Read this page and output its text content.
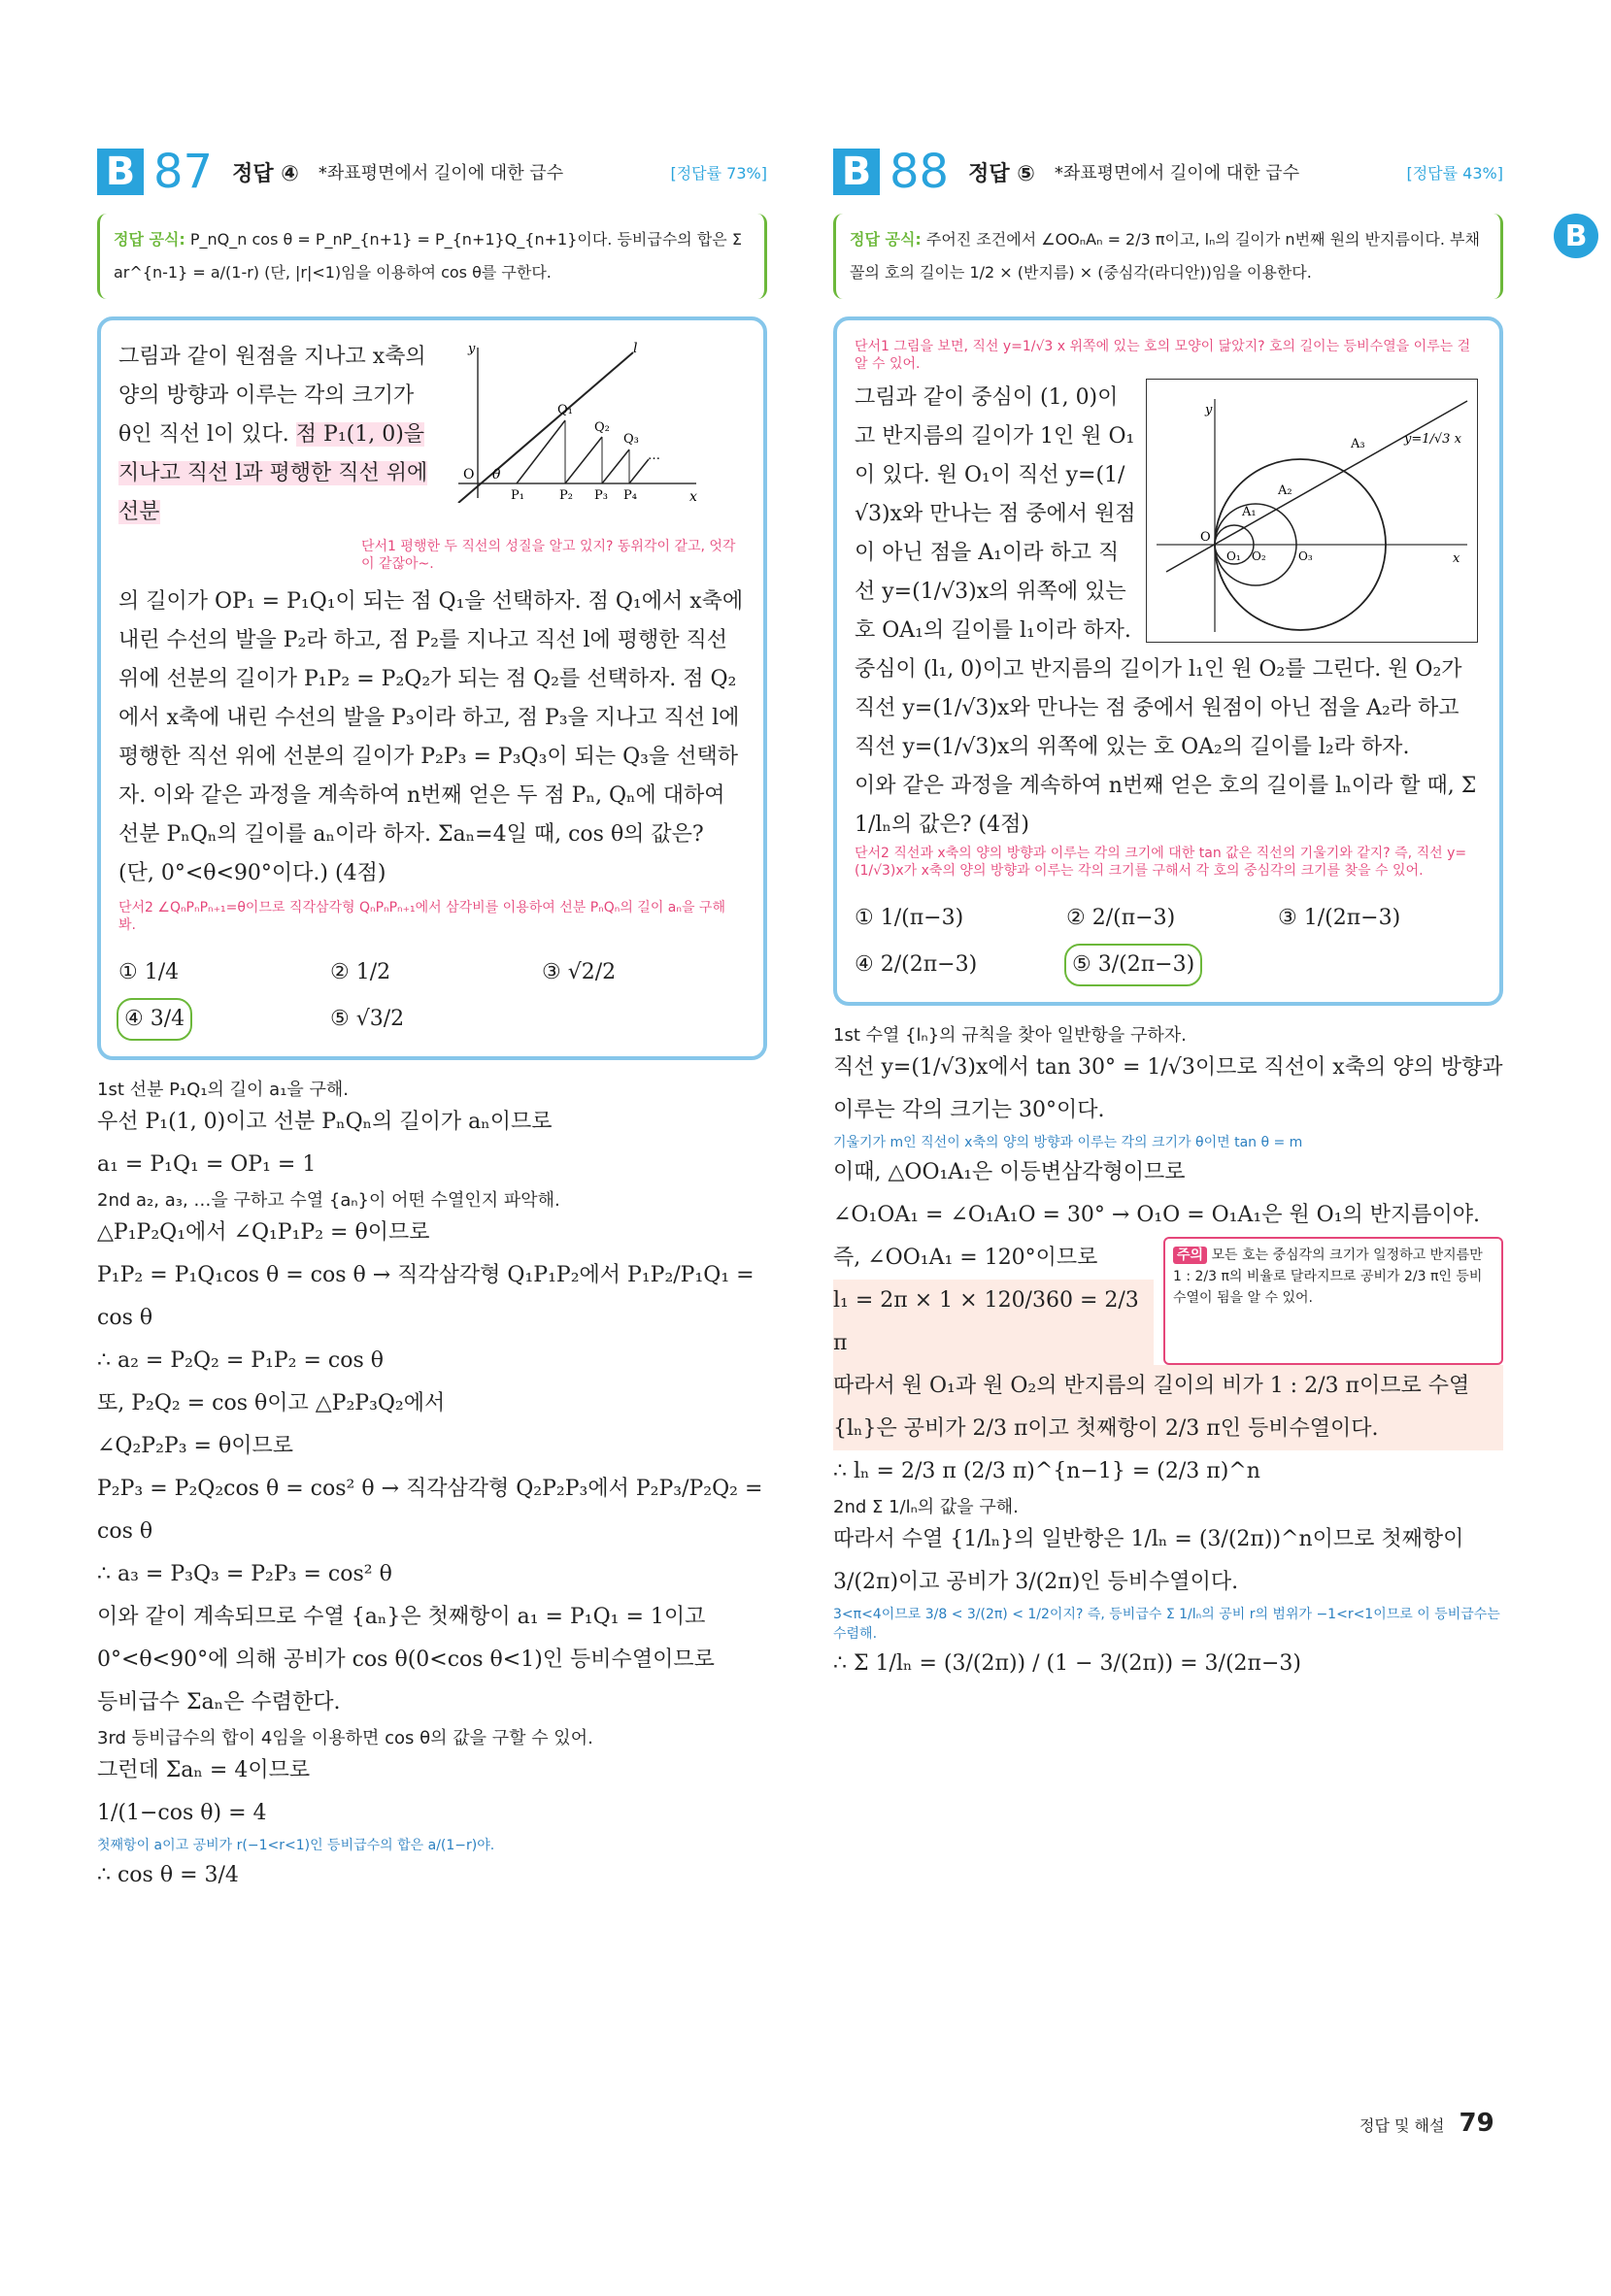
B
B 87 정답 ④ *좌표평면에서 길이에 대한 급수	[정답률 73%]
정답 공식: P_nQ_n cos θ = P_nP_{n+1} = P_{n+1}Q_{n+1}이다. 등비급수의 합은 Σ ar^{n-1} = a/(1-r) (단, |r|<1)임을 이용하여 cos θ를 구한다.
그림과 같이 원점을 지나고 x축의 양의 방향과 이루는 각의 크기가 θ인 직선 l이 있다. 점 P₁(1, 0)을 지나고 직선 l과 평행한 직선 위에 선분
y	l
O θ
x
Q₁
Q₂
Q₃
…
P₁	P₂ P₃ P₄
단서1 평행한 두 직선의 성질을 알고 있지? 동위각이 같고, 엇각이 같잖아~.
의 길이가 OP₁ = P₁Q₁이 되는 점 Q₁을 선택하자. 점 Q₁에서 x축에 내린 수선의 발을 P₂라 하고, 점 P₂를 지나고 직선 l에 평행한 직선 위에 선분의 길이가 P₁P₂ = P₂Q₂가 되는 점 Q₂를 선택하자. 점 Q₂에서 x축에 내린 수선의 발을 P₃이라 하고, 점 P₃을 지나고 직선 l에 평행한 직선 위에 선분의 길이가 P₂P₃ = P₃Q₃이 되는 Q₃을 선택하자. 이와 같은 과정을 계속하여 n번째 얻은 두 점 Pₙ, Qₙ에 대하여 선분 PₙQₙ의 길이를 aₙ이라 하자. Σaₙ=4일 때, cos θ의 값은? (단, 0°<θ<90°이다.) (4점)
단서2 ∠QₙPₙPₙ₊₁=θ이므로 직각삼각형 QₙPₙPₙ₊₁에서 삼각비를 이용하여 선분 PₙQₙ의 길이 aₙ을 구해 봐.
① 1/4	② 1/2	③ √2/2
④ 3/4	⑤ √3/2
1st 선분 P₁Q₁의 길이 a₁을 구해.
우선 P₁(1, 0)이고 선분 PₙQₙ의 길이가 aₙ이므로
a₁ = P₁Q₁ = OP₁ = 1
2nd a₂, a₃, …을 구하고 수열 {aₙ}이 어떤 수열인지 파악해.
△P₁P₂Q₁에서 ∠Q₁P₁P₂ = θ이므로
P₁P₂ = P₁Q₁cos θ = cos θ → 직각삼각형 Q₁P₁P₂에서 P₁P₂/P₁Q₁ = cos θ
∴ a₂ = P₂Q₂ = P₁P₂ = cos θ
또, P₂Q₂ = cos θ이고 △P₂P₃Q₂에서
∠Q₂P₂P₃ = θ이므로
P₂P₃ = P₂Q₂cos θ = cos² θ → 직각삼각형 Q₂P₂P₃에서 P₂P₃/P₂Q₂ = cos θ
∴ a₃ = P₃Q₃ = P₂P₃ = cos² θ
이와 같이 계속되므로 수열 {aₙ}은 첫째항이 a₁ = P₁Q₁ = 1이고
0°<θ<90°에 의해 공비가 cos θ(0<cos θ<1)인 등비수열이므로
등비급수 Σaₙ은 수렴한다.
3rd 등비급수의 합이 4임을 이용하면 cos θ의 값을 구할 수 있어.
그런데 Σaₙ = 4이므로
1/(1−cos θ) = 4
첫째항이 a이고 공비가 r(−1<r<1)인 등비급수의 합은 a/(1−r)야.
∴ cos θ = 3/4
B 88 정답 ⑤ *좌표평면에서 길이에 대한 급수	[정답률 43%]
정답 공식: 주어진 조건에서 ∠OOₙAₙ = 2/3 π이고, lₙ의 길이가 n번째 원의 반지름이다. 부채꼴의 호의 길이는 1/2 × (반지름) × (중심각(라디안))임을 이용한다.
단서1 그림을 보면, 직선 y=1/√3 x 위쪽에 있는 호의 모양이 닮았지? 호의 길이는 등비수열을 이루는 걸 알 수 있어.
그림과 같이 중심이 (1, 0)이고 반지름의 길이가 1인 원 O₁이 있다. 원 O₁이 직선 y=(1/√3)x와 만나는 점 중에서 원점이 아닌 점을 A₁이라 하고 직선 y=(1/√3)x의 위쪽에 있는 호 OA₁의 길이를 l₁이라 하자.
y
y=1/√3 x
A₁
A₂
A₃
O
O₁ O₂	O₃	x
중심이 (l₁, 0)이고 반지름의 길이가 l₁인 원 O₂를 그린다. 원 O₂가 직선 y=(1/√3)x와 만나는 점 중에서 원점이 아닌 점을 A₂라 하고 직선 y=(1/√3)x의 위쪽에 있는 호 OA₂의 길이를 l₂라 하자.
이와 같은 과정을 계속하여 n번째 얻은 호의 길이를 lₙ이라 할 때, Σ 1/lₙ의 값은? (4점)
단서2 직선과 x축의 양의 방향과 이루는 각의 크기에 대한 tan 값은 직선의 기울기와 같지? 즉, 직선 y=(1/√3)x가 x축의 양의 방향과 이루는 각의 크기를 구해서 각 호의 중심각의 크기를 찾을 수 있어.
① 1/(π−3)	② 2/(π−3)	③ 1/(2π−3)
④ 2/(2π−3)	⑤ 3/(2π−3)
1st 수열 {lₙ}의 규칙을 찾아 일반항을 구하자.
직선 y=(1/√3)x에서 tan 30° = 1/√3이므로 직선이 x축의 양의 방향과 이루는 각의 크기는 30°이다.
기울기가 m인 직선이 x축의 양의 방향과 이루는 각의 크기가 θ이면 tan θ = m
이때, △OO₁A₁은 이등변삼각형이므로
∠O₁OA₁ = ∠O₁A₁O = 30° → O₁O = O₁A₁은 원 O₁의 반지름이야.
즉, ∠OO₁A₁ = 120°이므로
l₁ = 2π × 1 × 120/360 = 2/3 π
주의 모든 호는 중심각의 크기가 일정하고 반지름만 1 : 2/3 π의 비율로 달라지므로 공비가 2/3 π인 등비수열이 됨을 알 수 있어.
따라서 원 O₁과 원 O₂의 반지름의 길이의 비가 1 : 2/3 π이므로 수열 {lₙ}은 공비가 2/3 π이고 첫째항이 2/3 π인 등비수열이다.
∴ lₙ = 2/3 π (2/3 π)^{n−1} = (2/3 π)^n
2nd Σ 1/lₙ의 값을 구해.
따라서 수열 {1/lₙ}의 일반항은 1/lₙ = (3/(2π))^n이므로 첫째항이 3/(2π)이고 공비가 3/(2π)인 등비수열이다.
3<π<4이므로 3/8 < 3/(2π) < 1/2이지? 즉, 등비급수 Σ 1/lₙ의 공비 r의 범위가 −1<r<1이므로 이 등비급수는 수렴해.
∴ Σ 1/lₙ = (3/(2π)) / (1 − 3/(2π)) = 3/(2π−3)
정답 및 해설 79
